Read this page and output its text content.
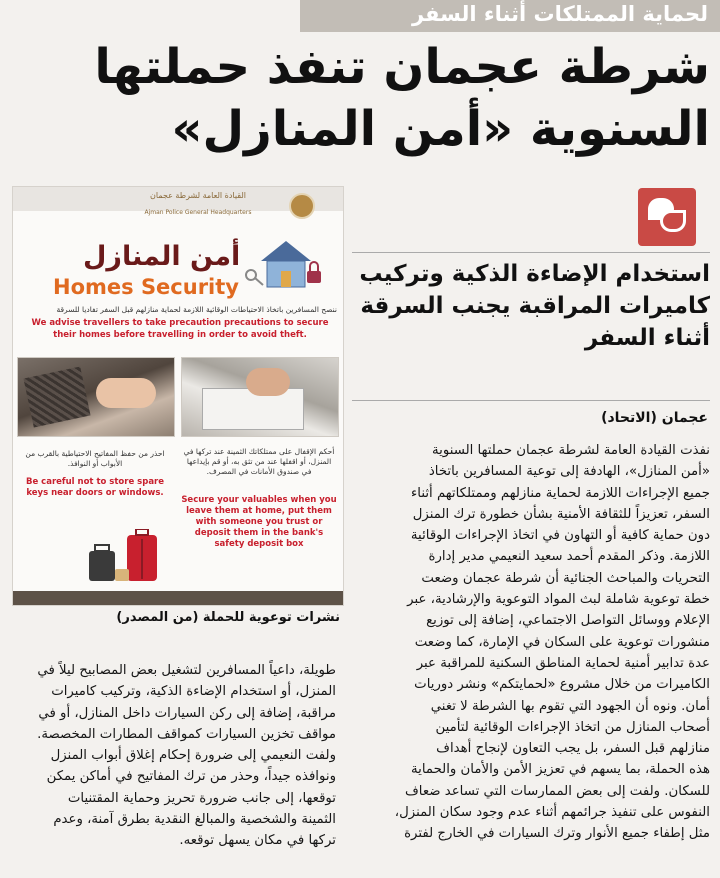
لحماية الممتلكات أثناء السفر
شرطة عجمان تنفذ حملتها
السنوية «أمن المنازل»
استخدام الإضاءة الذكية وتركيب
كاميرات المراقبة يجنب السرقة
أثناء السفر
عجمان (الاتحاد)
نفذت القيادة العامة لشرطة عجمان حملتها السنوية
«أمن المنازل»، الهادفة إلى توعية المسافرين باتخاذ
جميع الإجراءات اللازمة لحماية منازلهم وممتلكاتهم أثناء
السفر، تعزيزاً للثقافة الأمنية بشأن خطورة ترك المنزل
دون حماية كافية أو التهاون في اتخاذ الإجراءات الوقائية
اللازمة. وذكر المقدم أحمد سعيد النعيمي مدير إدارة
التحريات والمباحث الجنائية أن شرطة عجمان وضعت
خطة توعوية شاملة لبث المواد التوعوية والإرشادية، عبر
الإعلام ووسائل التواصل الاجتماعي، إضافة إلى توزيع
منشورات توعوية على السكان في الإمارة، كما وضعت
عدة تدابير أمنية لحماية المناطق السكنية للمراقبة عبر
الكاميرات من خلال مشروع «لحمايتكم» ونشر دوريات
أمان. ونوه أن الجهود التي تقوم بها الشرطة لا تغني
أصحاب المنازل من اتخاذ الإجراءات الوقائية لتأمين
منازلهم قبل السفر، بل يجب التعاون لإنجاح أهداف
هذه الحملة، بما يسهم في تعزيز الأمن والأمان والحماية
للسكان. ولفت إلى بعض الممارسات التي تساعد ضعاف
النفوس على تنفيذ جرائمهم أثناء عدم وجود سكان المنزل،
مثل إطفاء جميع الأنوار وترك السيارات في الخارج لفترة
القيادة العامة لشرطة عجمان
Ajman Police General Headquarters
أمن المنازل
Homes Security
ننصح المسافرين باتخاذ الاحتياطات الوقائية اللازمة لحماية منازلهم قبل السفر تفاديا للسرقة
We advise travellers to take precaution precautions to secure their homes before travelling in order to avoid theft.
احذر من حفظ المفاتيح الاحتياطية بالقرب من الأبواب أو النوافذ.
Be careful not to store spare keys near doors or windows.
أحكم الإقفال على ممتلكاتك الثمينة عند تركها في المنزل، أو اقفلها عند من تثق به، أو قم بإيداعها في صندوق الأمانات في المصرف.
Secure your valuables when you leave them at home, put them with someone you trust or deposit them in the bank's safety deposit box
نشرات توعوية للحملة (من المصدر)
طويلة، داعياً المسافرين لتشغيل بعض المصابيح ليلاً في
المنزل، أو استخدام الإضاءة الذكية، وتركيب كاميرات
مراقبة، إضافة إلى ركن السيارات داخل المنازل، أو في
مواقف تخزين السيارات كمواقف المطارات المخصصة.
ولفت النعيمي إلى ضرورة إحكام إغلاق أبواب المنزل
ونوافذه جيداً، وحذر من ترك المفاتيح في أماكن يمكن
توقعها، إلى جانب ضرورة تحريز وحماية المقتنيات
الثمينة والشخصية والمبالغ النقدية بطرق آمنة، وعدم
تركها في مكان يسهل توقعه.
